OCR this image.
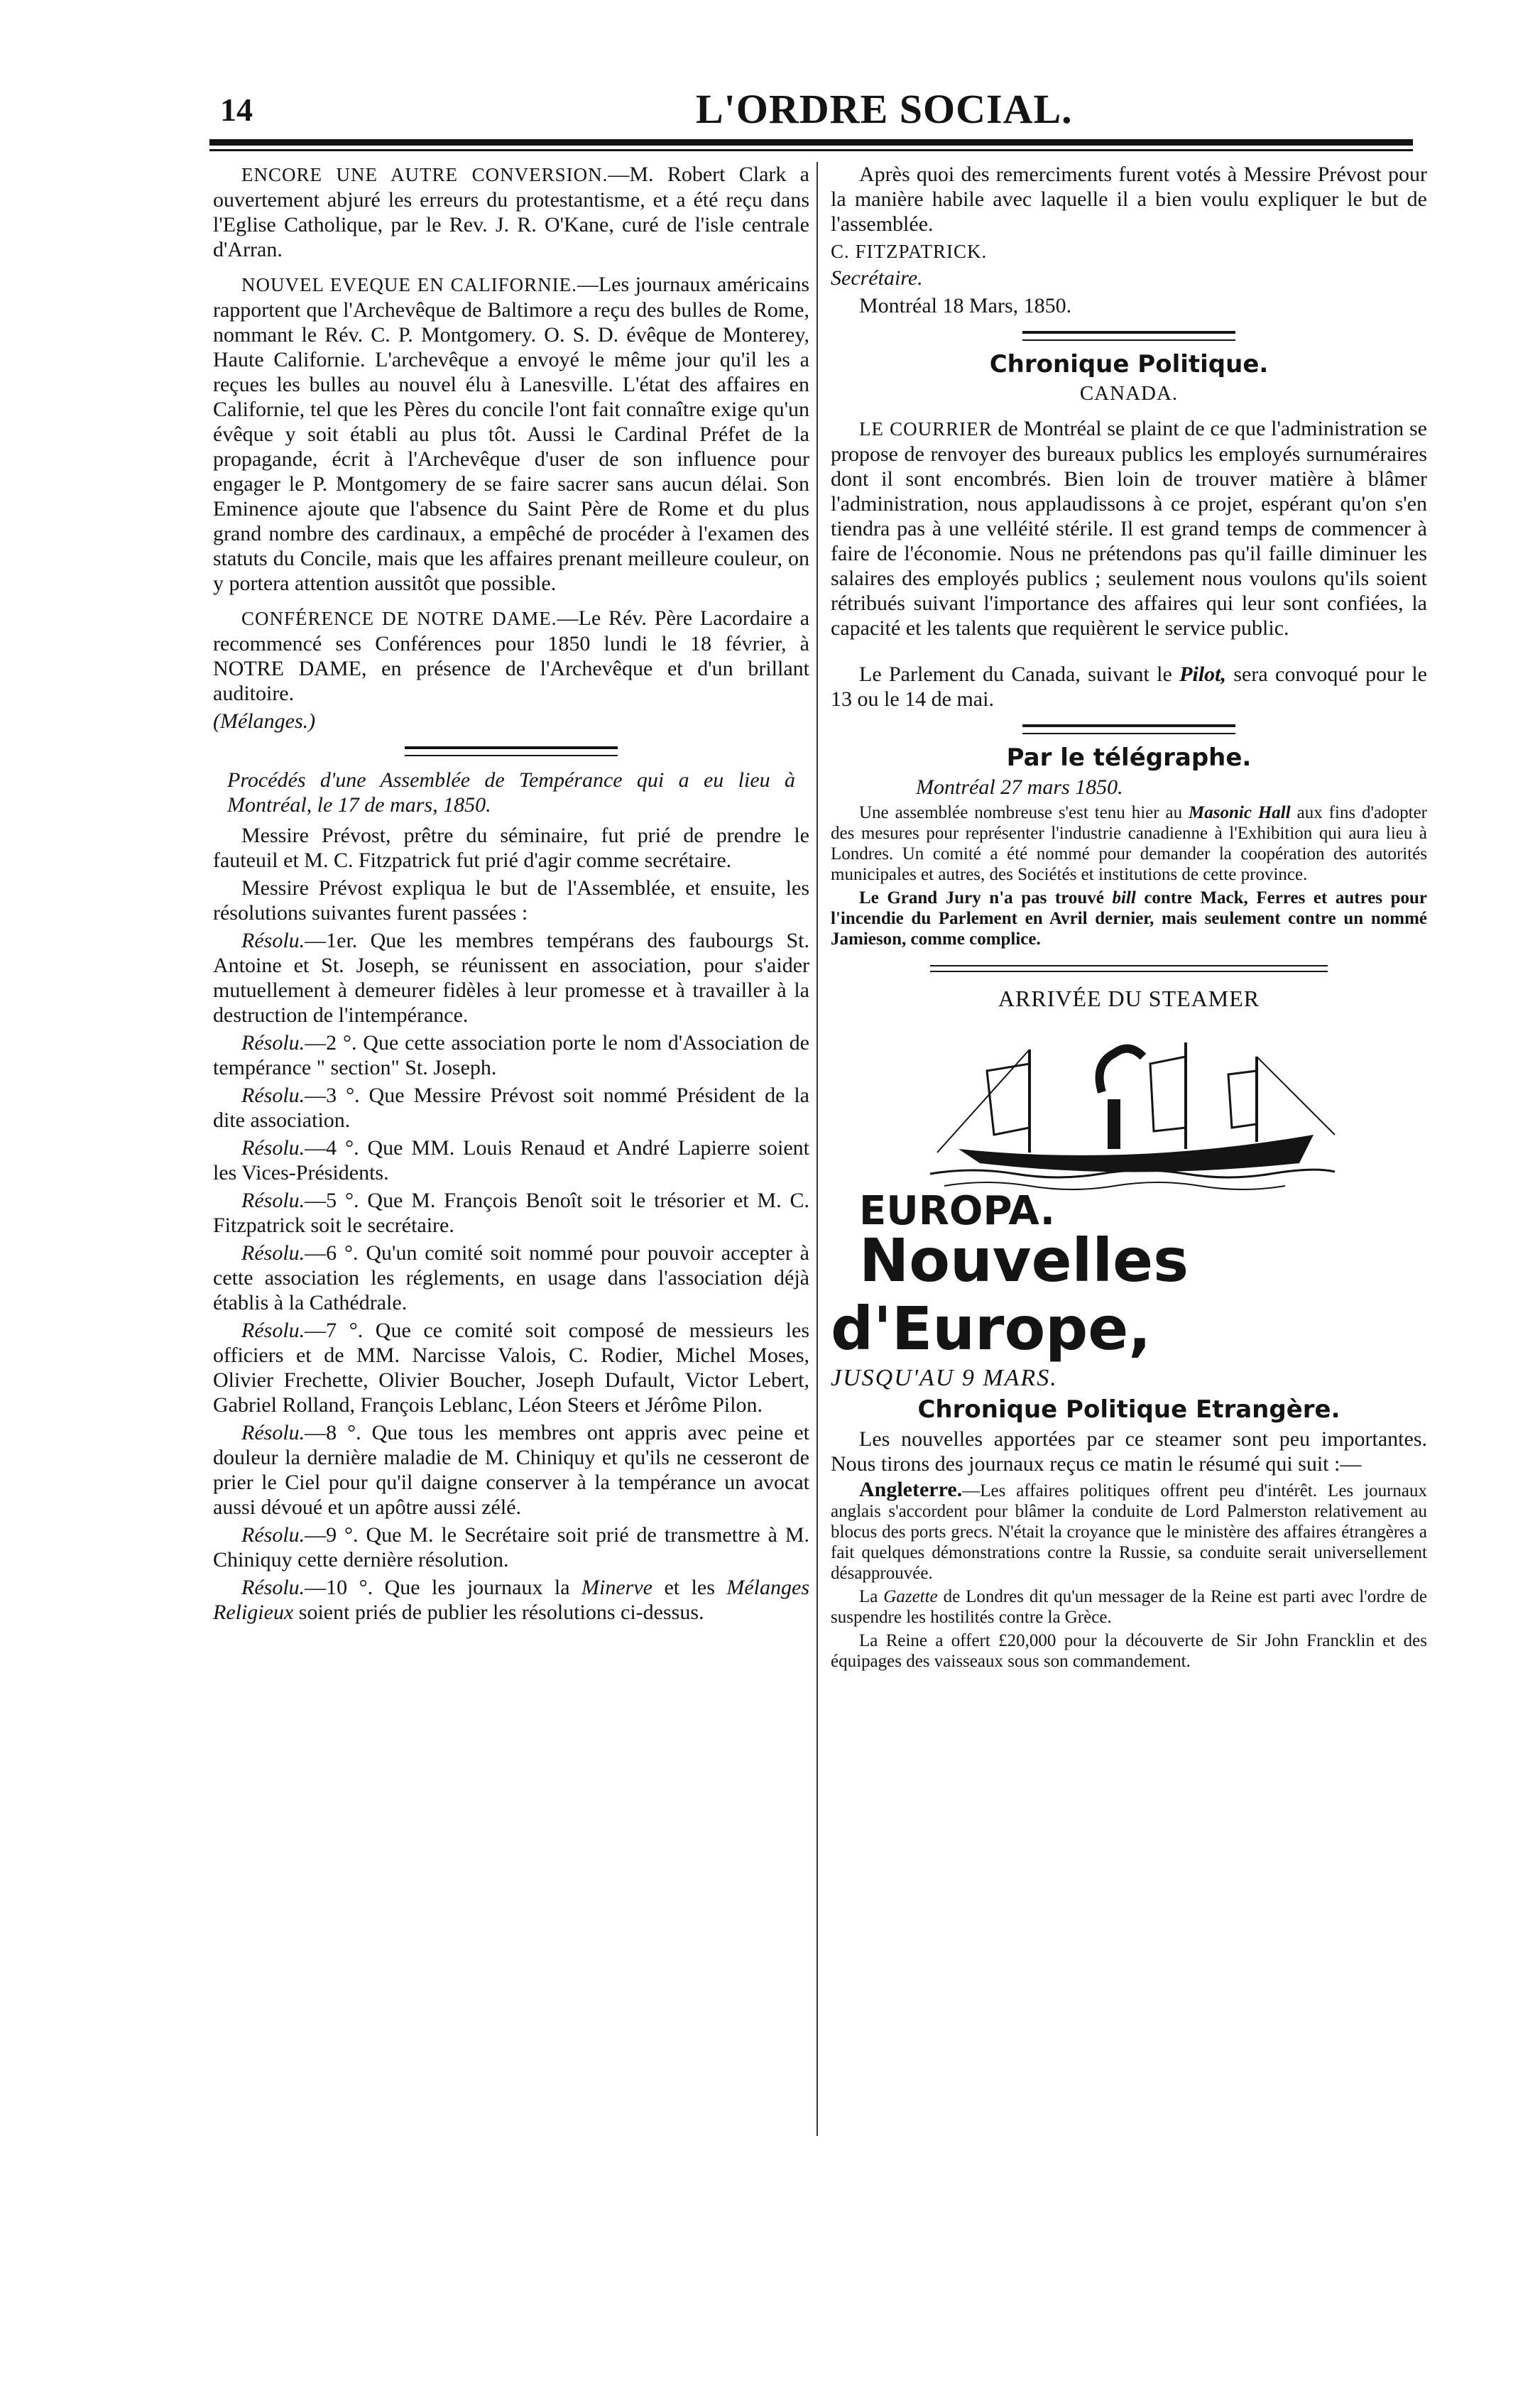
14	L'ORDRE SOCIAL.

ENCORE UNE AUTRE CONVERSION.—M. Robert Clark a ouvertement abjuré les erreurs du protestantisme, et a été reçu dans l'Eglise Catholique, par le Rev. J. R. O'Kane, curé de l'isle centrale d'Arran.

NOUVEL EVEQUE EN CALIFORNIE.—Les journaux américains rapportent que l'Archevêque de Baltimore a reçu des bulles de Rome, nommant le Rév. C. P. Montgomery. O. S. D. évêque de Monterey, Haute Californie. L'archevêque a envoyé le même jour qu'il les a reçues les bulles au nouvel élu à Lanesville. L'état des affaires en Californie, tel que les Pères du concile l'ont fait connaître exige qu'un évêque y soit établi au plus tôt. Aussi le Cardinal Préfet de la propagande, écrit à l'Archevêque d'user de son influence pour engager le P. Montgomery de se faire sacrer sans aucun délai. Son Eminence ajoute que l'absence du Saint Père de Rome et du plus grand nombre des cardinaux, a empêché de procéder à l'examen des statuts du Concile, mais que les affaires prenant meilleure couleur, on y portera attention aussitôt que possible.

CONFÉRENCE DE NOTRE DAME.—Le Rév. Père Lacordaire a recommencé ses Conférences pour 1850 lundi le 18 février, à NOTRE DAME, en présence de l'Archevêque et d'un brillant auditoire.

(Mélanges.)

Procédés d'une Assemblée de Tempérance qui a eu lieu à Montréal, le 17 de mars, 1850.

Messire Prévost, prêtre du séminaire, fut prié de prendre le fauteuil et M. C. Fitzpatrick fut prié d'agir comme secrétaire.

Messire Prévost expliqua le but de l'Assemblée, et ensuite, les résolutions suivantes furent passées :

Résolu.—1er. Que les membres tempérans des faubourgs St. Antoine et St. Joseph, se réunissent en association, pour s'aider mutuellement à demeurer fidèles à leur promesse et à travailler à la destruction de l'intempérance.

Résolu.—2 °. Que cette association porte le nom d'Association de tempérance " section" St. Joseph.

Résolu.—3 °. Que Messire Prévost soit nommé Président de la dite association.

Résolu.—4 °. Que MM. Louis Renaud et André Lapierre soient les Vices-Présidents.

Résolu.—5 °. Que M. François Benoît soit le trésorier et M. C. Fitzpatrick soit le secrétaire.

Résolu.—6 °. Qu'un comité soit nommé pour pouvoir accepter à cette association les réglements, en usage dans l'association déjà établis à la Cathédrale.

Résolu.—7 °. Que ce comité soit composé de messieurs les officiers et de MM. Narcisse Valois, C. Rodier, Michel Moses, Olivier Frechette, Olivier Boucher, Joseph Dufault, Victor Lebert, Gabriel Rolland, François Leblanc, Léon Steers et Jérôme Pilon.

Résolu.—8 °. Que tous les membres ont appris avec peine et douleur la dernière maladie de M. Chiniquy et qu'ils ne cesseront de prier le Ciel pour qu'il daigne conserver à la tempérance un avocat aussi dévoué et un apôtre aussi zélé.

Résolu.—9 °. Que M. le Secrétaire soit prié de transmettre à M. Chiniquy cette dernière résolution.

Résolu.—10 °. Que les journaux la Minerve et les Mélanges Religieux soient priés de publier les résolutions ci-dessus.

Après quoi des remerciments furent votés à Messire Prévost pour la manière habile avec laquelle il a bien voulu expliquer le but de l'assemblée.

C. FITZPATRICK.

Secrétaire.

Montréal 18 Mars, 1850.

Chronique Politique.
CANADA.

LE COURRIER de Montréal se plaint de ce que l'administration se propose de renvoyer des bureaux publics les employés surnuméraires dont il sont encombrés. Bien loin de trouver matière à blâmer l'administration, nous applaudissons à ce projet, espérant qu'on s'en tiendra pas à une velléité stérile. Il est grand temps de commencer à faire de l'économie. Nous ne prétendons pas qu'il faille diminuer les salaires des employés publics ; seulement nous voulons qu'ils soient rétribués suivant l'importance des affaires qui leur sont confiées, la capacité et les talents que requièrent le service public.

Le Parlement du Canada, suivant le Pilot, sera convoqué pour le 13 ou le 14 de mai.

Par le télégraphe.

Montréal 27 mars 1850.

Une assemblée nombreuse s'est tenu hier au Masonic Hall aux fins d'adopter des mesures pour représenter l'industrie canadienne à l'Exhibition qui aura lieu à Londres. Un comité a été nommé pour demander la coopération des autorités municipales et autres, des Sociétés et institutions de cette province.

Le Grand Jury n'a pas trouvé bill contre Mack, Ferres et autres pour l'incendie du Parlement en Avril dernier, mais seulement contre un nommé Jamieson, comme complice.

ARRIVÉE DU STEAMER

EUROPA.

Nouvelles d'Europe,

JUSQU'AU 9 MARS.

Chronique Politique Etrangère.

Les nouvelles apportées par ce steamer sont peu importantes. Nous tirons des journaux reçus ce matin le résumé qui suit :—

Angleterre.—Les affaires politiques offrent peu d'intérêt. Les journaux anglais s'accordent pour blâmer la conduite de Lord Palmerston relativement au blocus des ports grecs. N'était la croyance que le ministère des affaires étrangères a fait quelques démonstrations contre la Russie, sa conduite serait universellement désapprouvée.

La Gazette de Londres dit qu'un messager de la Reine est parti avec l'ordre de suspendre les hostilités contre la Grèce.

La Reine a offert £20,000 pour la découverte de Sir John Francklin et des équipages des vaisseaux sous son commandement.
